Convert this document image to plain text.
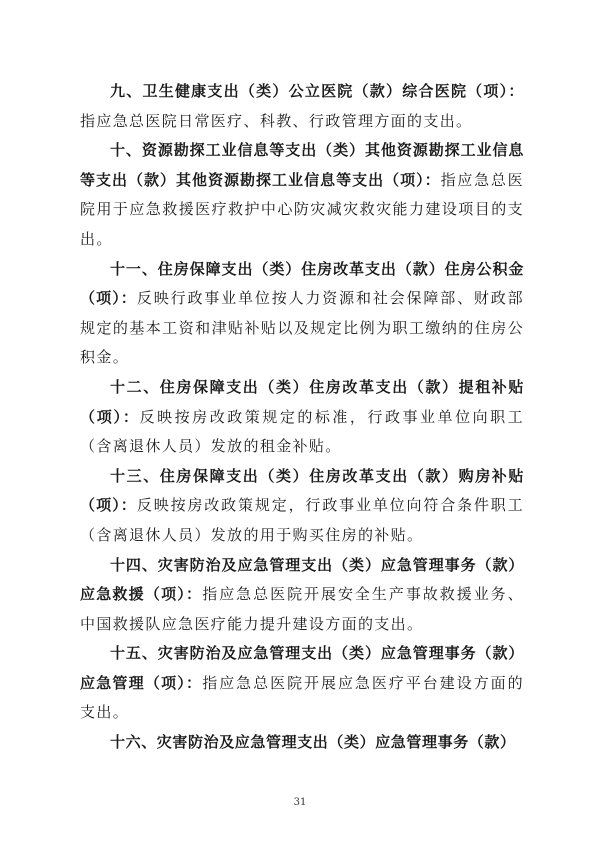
九、卫生健康支出（类）公立医院（款）综合医院（项）：指应急总医院日常医疗、科教、行政管理方面的支出。

十、资源勘探工业信息等支出（类）其他资源勘探工业信息等支出（款）其他资源勘探工业信息等支出（项）：指应急总医院用于应急救援医疗救护中心防灾减灾救灾能力建设项目的支出。

十一、住房保障支出（类）住房改革支出（款）住房公积金（项）：反映行政事业单位按人力资源和社会保障部、财政部规定的基本工资和津贴补贴以及规定比例为职工缴纳的住房公积金。

十二、住房保障支出（类）住房改革支出（款）提租补贴（项）：反映按房改政策规定的标准，行政事业单位向职工（含离退休人员）发放的租金补贴。

十三、住房保障支出（类）住房改革支出（款）购房补贴（项）：反映按房改政策规定，行政事业单位向符合条件职工（含离退休人员）发放的用于购买住房的补贴。

十四、灾害防治及应急管理支出（类）应急管理事务（款）应急救援（项）：指应急总医院开展安全生产事故救援业务、中国救援队应急医疗能力提升建设方面的支出。

十五、灾害防治及应急管理支出（类）应急管理事务（款）应急管理（项）：指应急总医院开展应急医疗平台建设方面的支出。

十六、灾害防治及应急管理支出（类）应急管理事务（款）

31
